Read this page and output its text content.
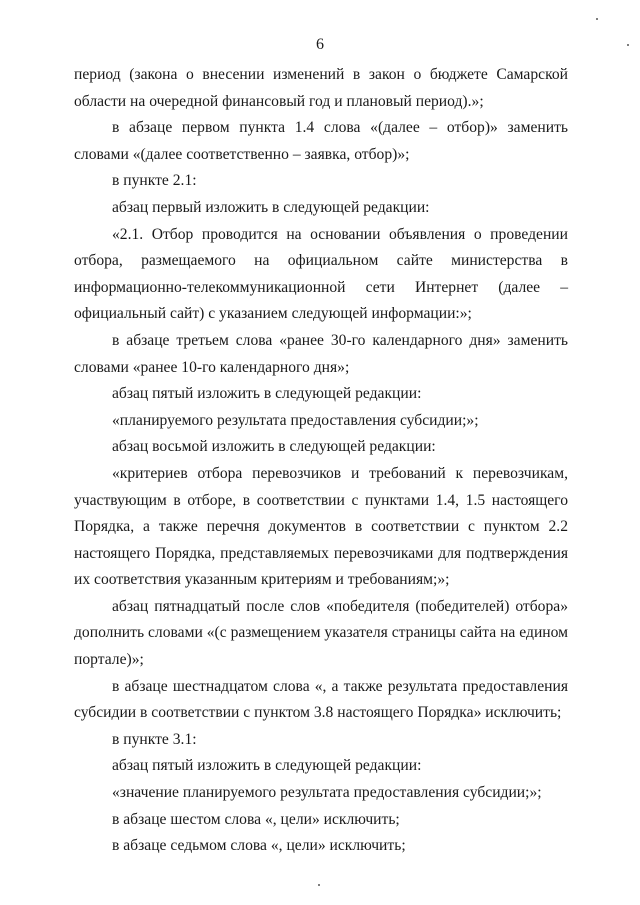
6

период (закона о внесении изменений в закон о бюджете Самарской области на очередной финансовый год и плановый период).»;

в абзаце первом пункта 1.4 слова «(далее – отбор)» заменить словами «(далее соответственно – заявка, отбор)»;

в пункте 2.1:

абзац первый изложить в следующей редакции:

«2.1. Отбор проводится на основании объявления о проведении отбора, размещаемого на официальном сайте министерства в информационно-телекоммуникационной сети Интернет (далее – официальный сайт) с указанием следующей информации:»;

в абзаце третьем слова «ранее 30-го календарного дня» заменить словами «ранее 10-го календарного дня»;

абзац пятый изложить в следующей редакции:

«планируемого результата предоставления субсидии;»;

абзац восьмой изложить в следующей редакции:

«критериев отбора перевозчиков и требований к перевозчикам, участвующим в отборе, в соответствии с пунктами 1.4, 1.5 настоящего Порядка, а также перечня документов в соответствии с пунктом 2.2 настоящего Порядка, представляемых перевозчиками для подтверждения их соответствия указанным критериям и требованиям;»;

абзац пятнадцатый после слов «победителя (победителей) отбора» дополнить словами «(с размещением указателя страницы сайта на едином портале)»;

в абзаце шестнадцатом слова «, а также результата предоставления субсидии в соответствии с пунктом 3.8 настоящего Порядка» исключить;

в пункте 3.1:

абзац пятый изложить в следующей редакции:

«значение планируемого результата предоставления субсидии;»;

в абзаце шестом слова «, цели» исключить;

в абзаце седьмом слова «, цели» исключить;
